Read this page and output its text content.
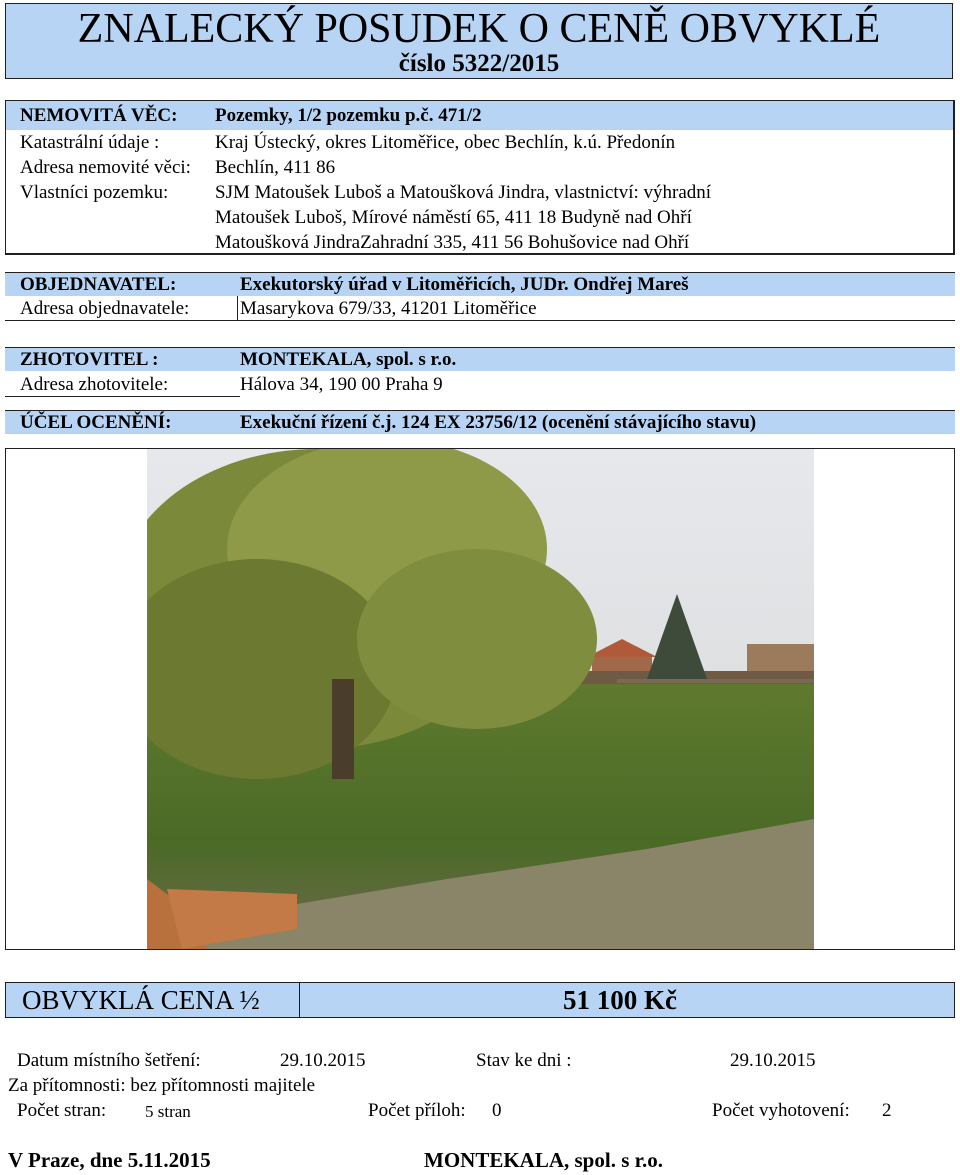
ZNALECKÝ POSUDEK O CENĚ OBVYKLÉ
číslo 5322/2015
NEMOVITÁ VĚC: Pozemky, 1/2 pozemku p.č. 471/2
Katastrální údaje :	Kraj Ústecký, okres Litoměřice, obec Bechlín, k.ú. Předonín
Adresa nemovité věci: Bechlín, 411 86
Vlastníci pozemku: SJM Matoušek Luboš a Matoušková Jindra, vlastnictví: výhradní
Matoušek Luboš, Mírové náměstí 65, 411 18 Budyně nad Ohří
Matoušková JindraZahradní 335, 411 56 Bohušovice nad Ohří
OBJEDNAVATEL:	Exekutorský úřad v Litoměřicích, JUDr. Ondřej Mareš
Adresa objednavatele:	Masarykova 679/33, 41201 Litoměřice
ZHOTOVITEL :	MONTEKALA, spol. s r.o.
Adresa zhotovitele:	Hálova 34, 190 00 Praha 9
ÚČEL OCENĚNÍ:	Exekuční řízení č.j. 124 EX 23756/12 (ocenění stávajícího stavu)
OBVYKLÁ CENA ½	51 100 Kč
Datum místního šetření:	29.10.2015	Stav ke dni :	29.10.2015
Za přítomnosti: bez přítomnosti majitele
Počet stran: 5 stran	Počet příloh: 0	Počet vyhotovení: 2
V Praze, dne 5.11.2015	MONTEKALA, spol. s r.o.
